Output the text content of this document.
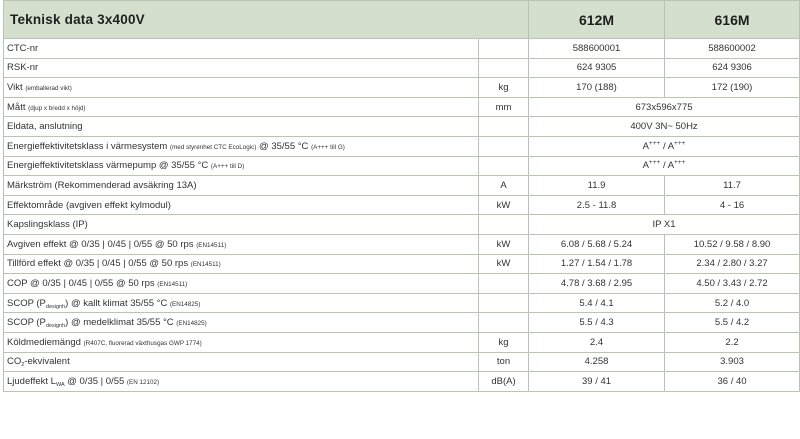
Teknisk data 3x400V		612M	616M
CTC-nr		588600001	588600002
RSK-nr		624 9305	624 9306
Vikt (emballerad vikt)	kg	170 (188)	172 (190)
Mått (djup x bredd x höjd)	mm	673x596x775	
Eldata, anslutning		400V 3N~ 50Hz	
Energieffektivitetsklass i värmesystem (med styrenhet CTC EcoLogic) @ 35/55 °C (A+++ till G)		A+++ / A+++
Energieffektivitetsklass värmepump @ 35/55 °C (A+++ till D)		A+++ / A+++
Märkström (Rekommenderad avsäkring 13A)	A	11.9	11.7
Effektområde (avgiven effekt kylmodul)	kW	2.5 - 11.8	4 - 16
Kapslingsklass (IP)		IP X1	
Avgiven effekt @ 0/35 | 0/45 | 0/55 @ 50 rps (EN14511)	kW	6.08 / 5.68 / 5.24	10.52 / 9.58 / 8.90
Tillförd effekt @ 0/35 | 0/45 | 0/55 @ 50 rps (EN14511)	kW	1.27 / 1.54 / 1.78	2.34 / 2.80 / 3.27
COP @ 0/35 | 0/45 | 0/55 @ 50 rps (EN14511)		4.78 / 3.68 / 2.95	4.50 / 3.43 / 2.72
SCOP $(P_{designh})$ @ kallt klimat 35/55 °C (EN14825)		5.4 / 4.1	5.2 / 4.0
SCOP $(P_{designh})$ @ medelklimat 35/55 °C (EN14825)		5.5 / 4.3	5.5 / 4.2
Köldmediemängd (R407C, fluorerad växthusgas GWP 1774)	kg	2.4	2.2
$CO_2$-ekvivalent	ton	4.258	3.903
Ljudeffekt $L_{WA}$ @ 0/35 | 0/55 (EN 12102)	dB(A)	39 / 41	36 / 40
